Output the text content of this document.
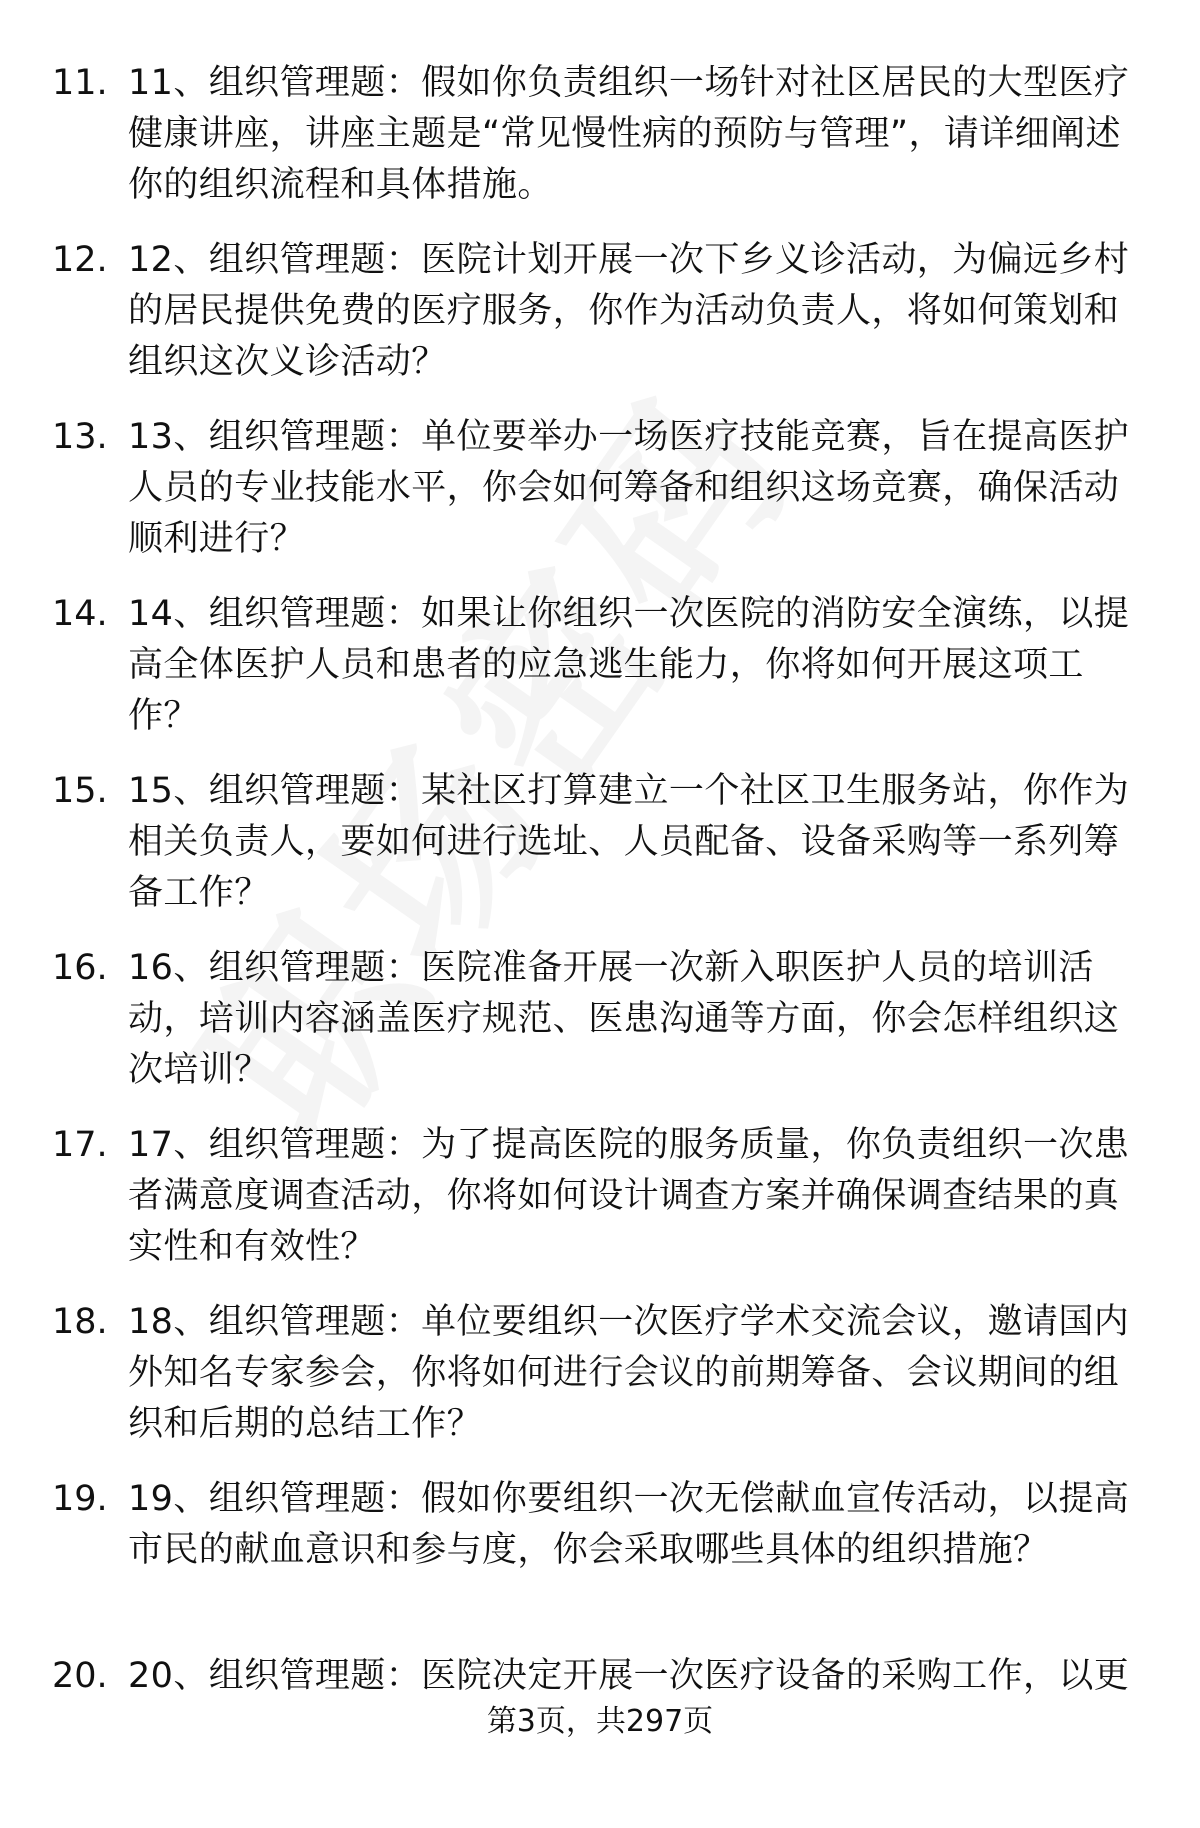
11. 11、组织管理题：假如你负责组织一场针对社区居民的大型医疗健康讲座，讲座主题是“常见慢性病的预防与管理”，请详细阐述你的组织流程和具体措施。
12. 12、组织管理题：医院计划开展一次下乡义诊活动，为偏远乡村的居民提供免费的医疗服务，你作为活动负责人，将如何策划和组织这次义诊活动？
13. 13、组织管理题：单位要举办一场医疗技能竞赛，旨在提高医护人员的专业技能水平，你会如何筹备和组织这场竞赛，确保活动顺利进行？
14. 14、组织管理题：如果让你组织一次医院的消防安全演练，以提高全体医护人员和患者的应急逃生能力，你将如何开展这项工作？
15. 15、组织管理题：某社区打算建立一个社区卫生服务站，你作为相关负责人，要如何进行选址、人员配备、设备采购等一系列筹备工作？
16. 16、组织管理题：医院准备开展一次新入职医护人员的培训活动，培训内容涵盖医疗规范、医患沟通等方面，你会怎样组织这次培训？
17. 17、组织管理题：为了提高医院的服务质量，你负责组织一次患者满意度调查活动，你将如何设计调查方案并确保调查结果的真实性和有效性？
18. 18、组织管理题：单位要组织一次医疗学术交流会议，邀请国内外知名专家参会，你将如何进行会议的前期筹备、会议期间的组织和后期的总结工作？
19. 19、组织管理题：假如你要组织一次无偿献血宣传活动，以提高市民的献血意识和参与度，你会采取哪些具体的组织措施？
20. 20、组织管理题：医院决定开展一次医疗设备的采购工作，以更
第3页，共297页
